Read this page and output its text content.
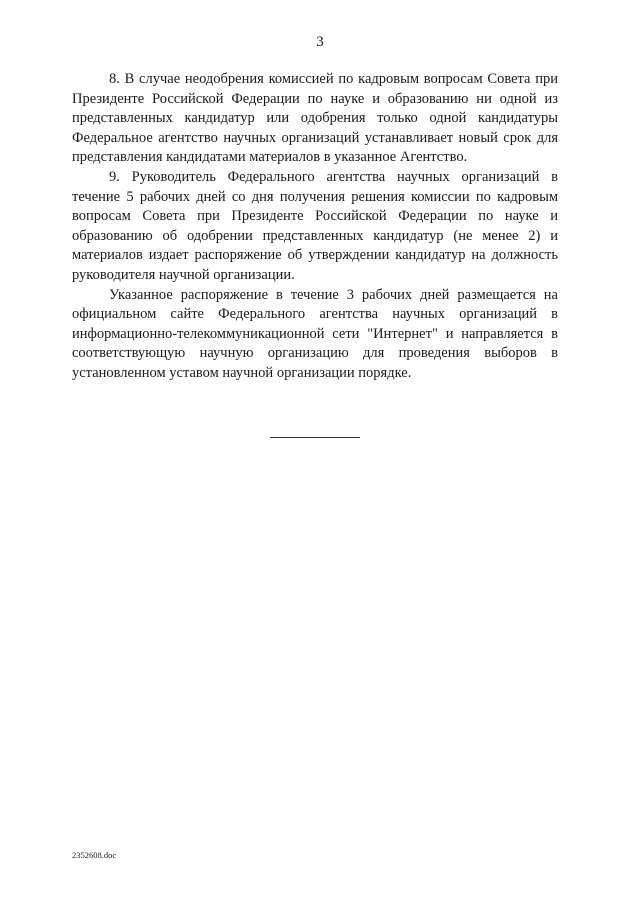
3

8. В случае неодобрения комиссией по кадровым вопросам Совета при Президенте Российской Федерации по науке и образованию ни одной из представленных кандидатур или одобрения только одной кандидатуры Федеральное агентство научных организаций устанавливает новый срок для представления кандидатами материалов в указанное Агентство.

9. Руководитель Федерального агентства научных организаций в течение 5 рабочих дней со дня получения решения комиссии по кадровым вопросам Совета при Президенте Российской Федерации по науке и образованию об одобрении представленных кандидатур (не менее 2) и материалов издает распоряжение об утверждении кандидатур на должность руководителя научной организации.

Указанное распоряжение в течение 3 рабочих дней размещается на официальном сайте Федерального агентства научных организаций в информационно-телекоммуникационной сети "Интернет" и направляется в соответствующую научную организацию для проведения выборов в установленном уставом научной организации порядке.

2352608.doc
